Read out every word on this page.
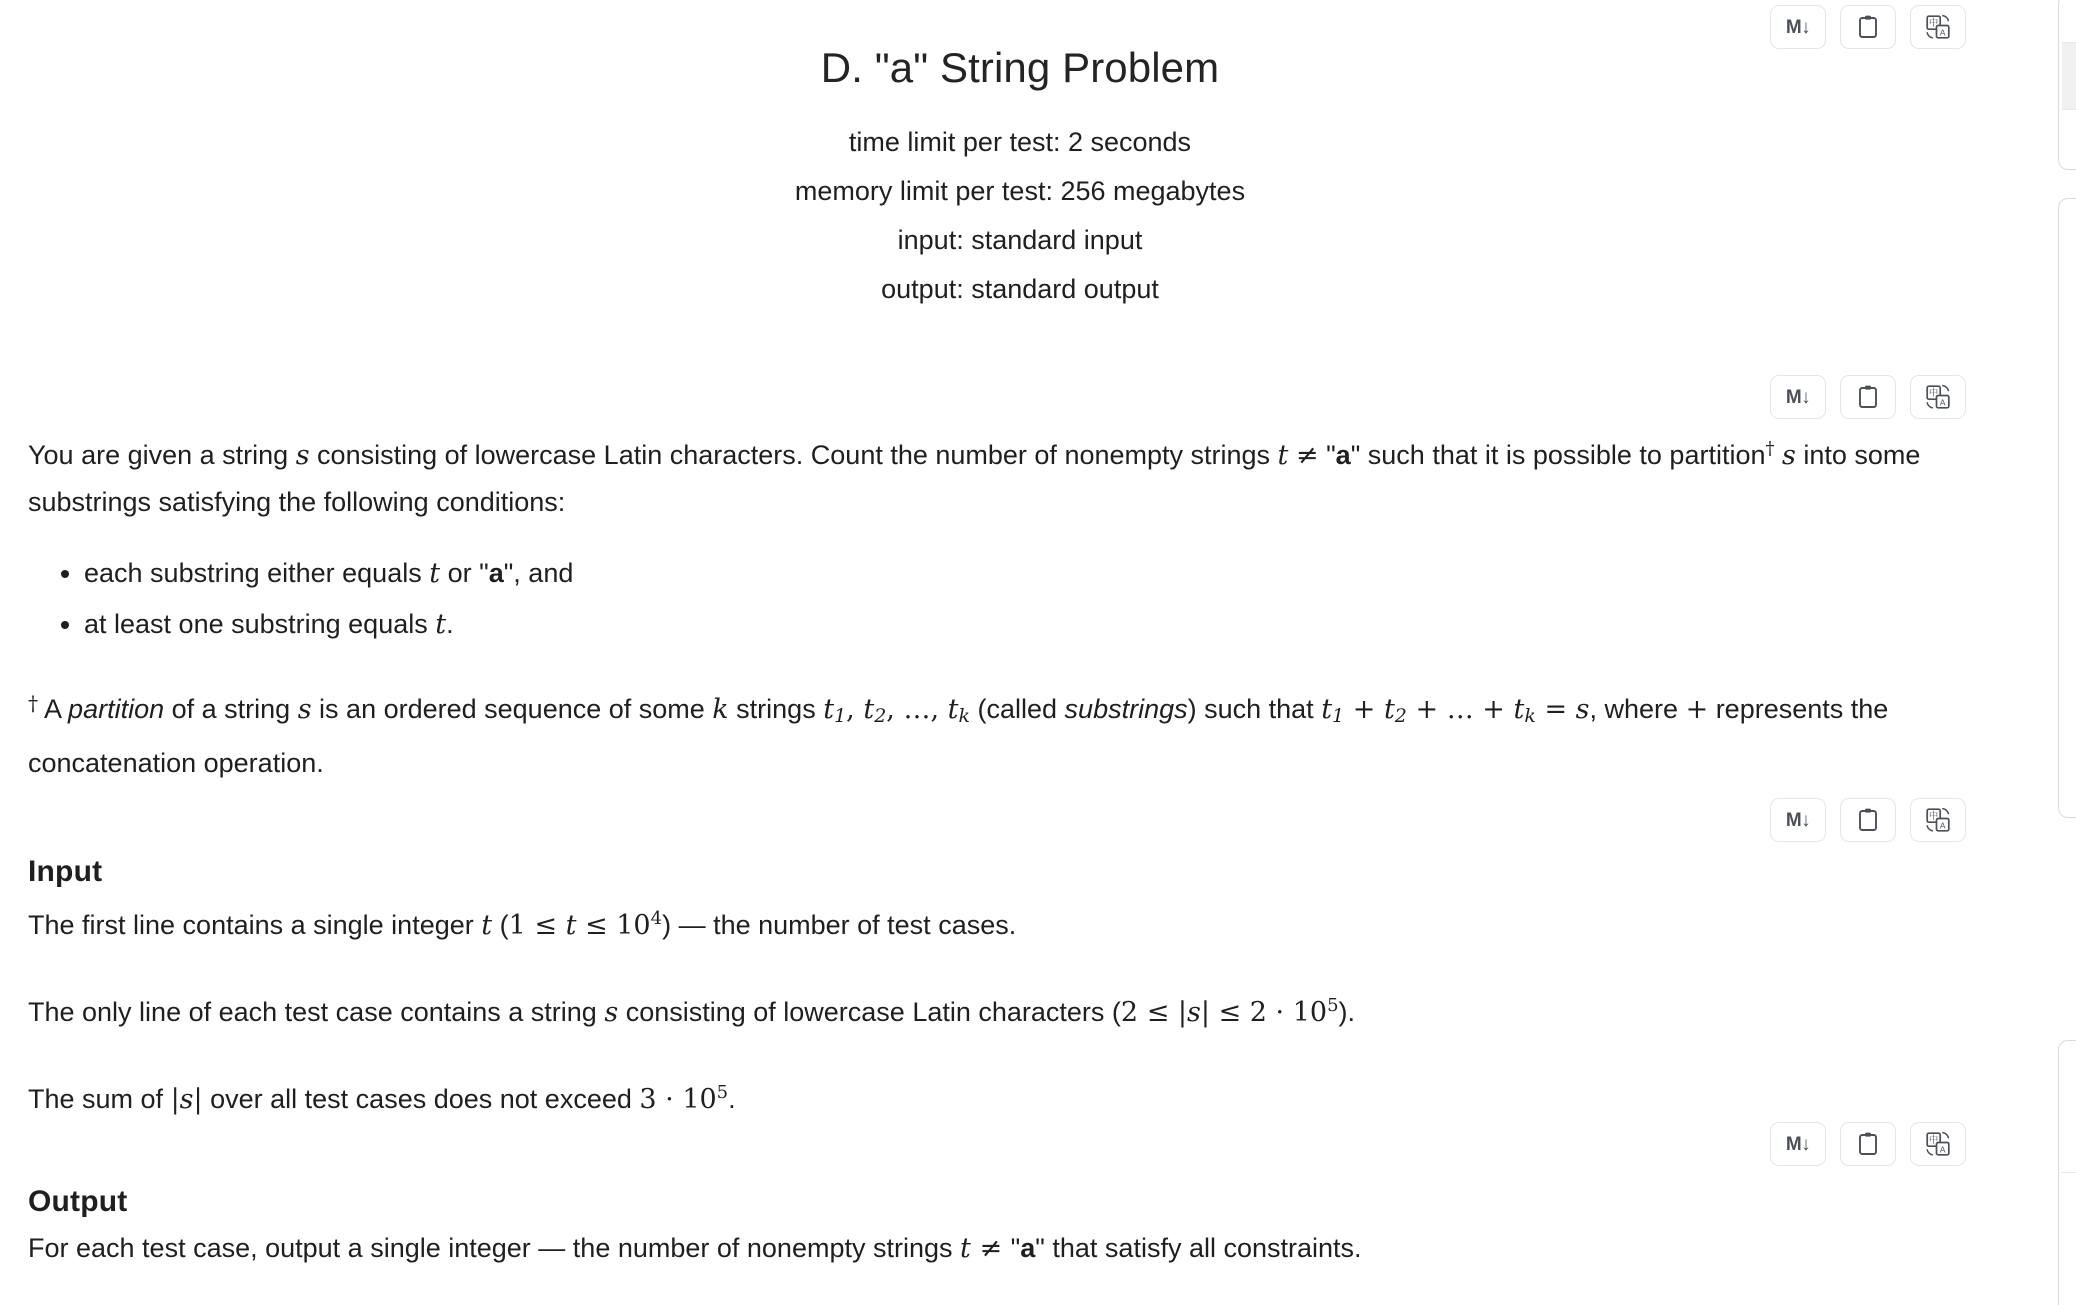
M↓	中
A
D. "a" String Problem
time limit per test: 2 seconds
memory limit per test: 256 megabytes
input: standard input
output: standard output
M↓	中
A

You are given a string s consisting of lowercase Latin characters. Count the number of nonempty strings t ≠ "a" such that it is possible to partition† s into some substrings satisfying the following conditions:

• each substring either equals t or "a", and
• at least one substring equals t.

† A partition of a string s is an ordered sequence of some k strings t1, t2, …, tk (called substrings) such that t1 + t2 + … + tk = s, where + represents the concatenation operation.

M↓	中
A
Input

The first line contains a single integer t $(1 \le t \le 10^4)$ — the number of test cases.

The only line of each test case contains a string s consisting of lowercase Latin characters $(2 \le |s| \le 2 \cdot 10^5)$.

The sum of |s| over all test cases does not exceed $3 \cdot 10^5$.

M↓	中
A
Output

For each test case, output a single integer — the number of nonempty strings t ≠ "a" that satisfy all constraints.
